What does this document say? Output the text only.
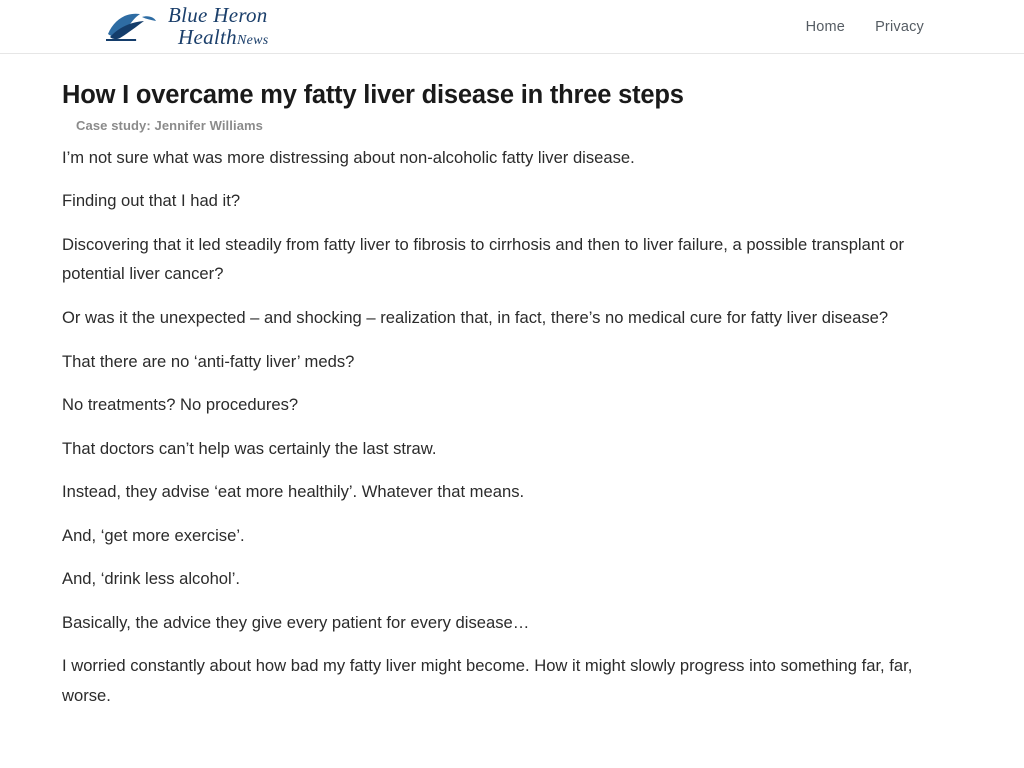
Blue Heron
HealthNews
Home Privacy
How I overcame my fatty liver disease in three steps
Case study: Jennifer Williams

I’m not sure what was more distressing about non-alcoholic fatty liver disease.

Finding out that I had it?

Discovering that it led steadily from fatty liver to fibrosis to cirrhosis and then to liver failure, a possible transplant or potential liver cancer?

Or was it the unexpected – and shocking – realization that, in fact, there’s no medical cure for fatty liver disease?

That there are no ‘anti-fatty liver’ meds?

No treatments? No procedures?

That doctors can’t help was certainly the last straw.

Instead, they advise ‘eat more healthily’. Whatever that means.

And, ‘get more exercise’.

And, ‘drink less alcohol’.

Basically, the advice they give every patient for every disease…

I worried constantly about how bad my fatty liver might become. How it might slowly progress into something far, far, worse.
